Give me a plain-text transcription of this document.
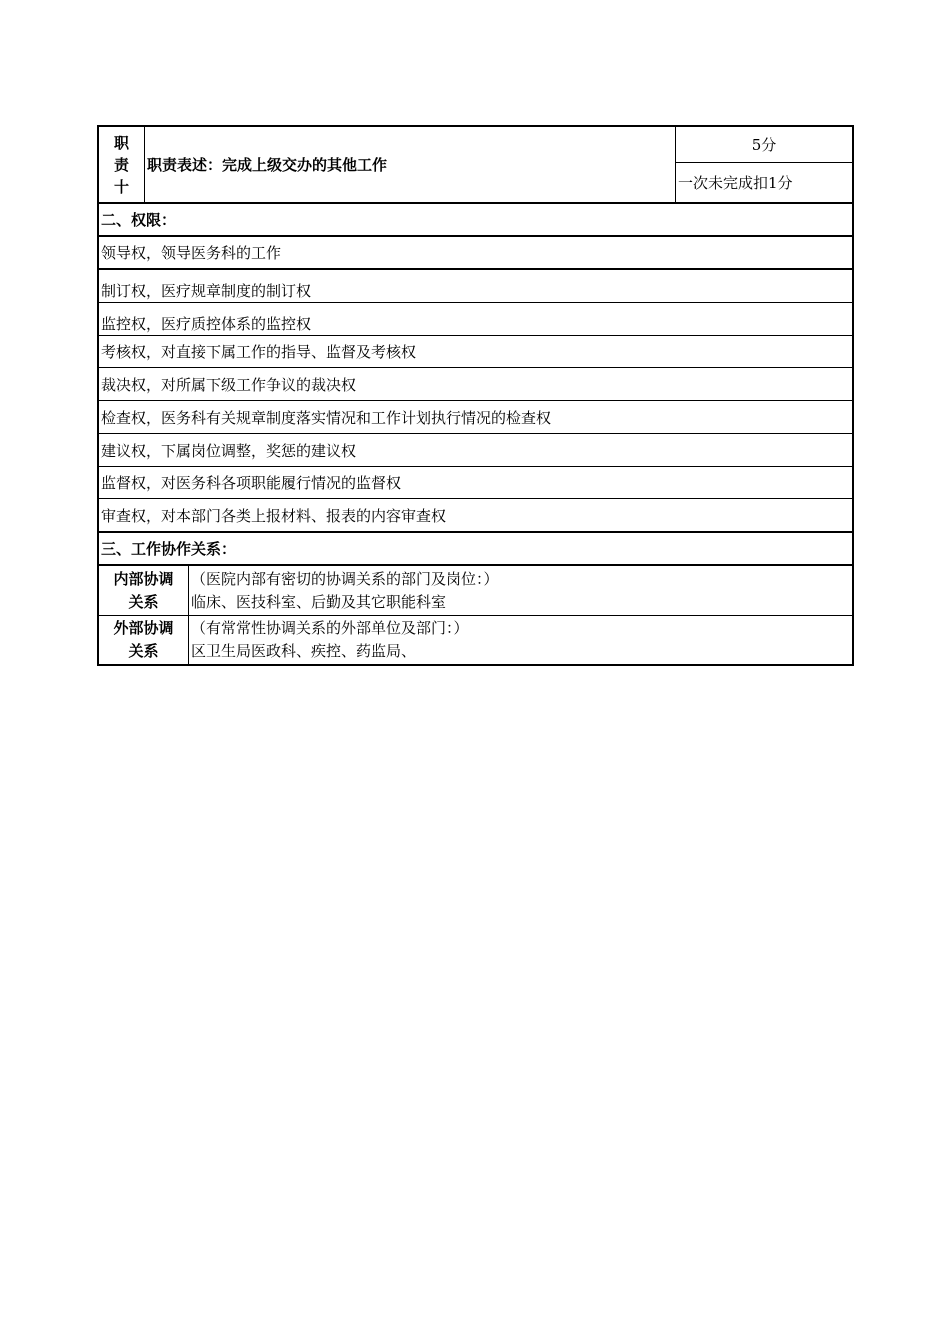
职
责
十
职责表述：完成上级交办的其他工作
5分
一次未完成扣1分
二、权限：
领导权，领导医务科的工作
制订权，医疗规章制度的制订权
监控权，医疗质控体系的监控权
考核权，对直接下属工作的指导、监督及考核权
裁决权，对所属下级工作争议的裁决权
检查权，医务科有关规章制度落实情况和工作计划执行情况的检查权
建议权，下属岗位调整，奖惩的建议权
监督权，对医务科各项职能履行情况的监督权
审查权，对本部门各类上报材料、报表的内容审查权
三、工作协作关系：
内部协调
关系
（医院内部有密切的协调关系的部门及岗位：）
临床、医技科室、后勤及其它职能科室
外部协调
关系
（有常常性协调关系的外部单位及部门：）
区卫生局医政科、疾控、药监局、
